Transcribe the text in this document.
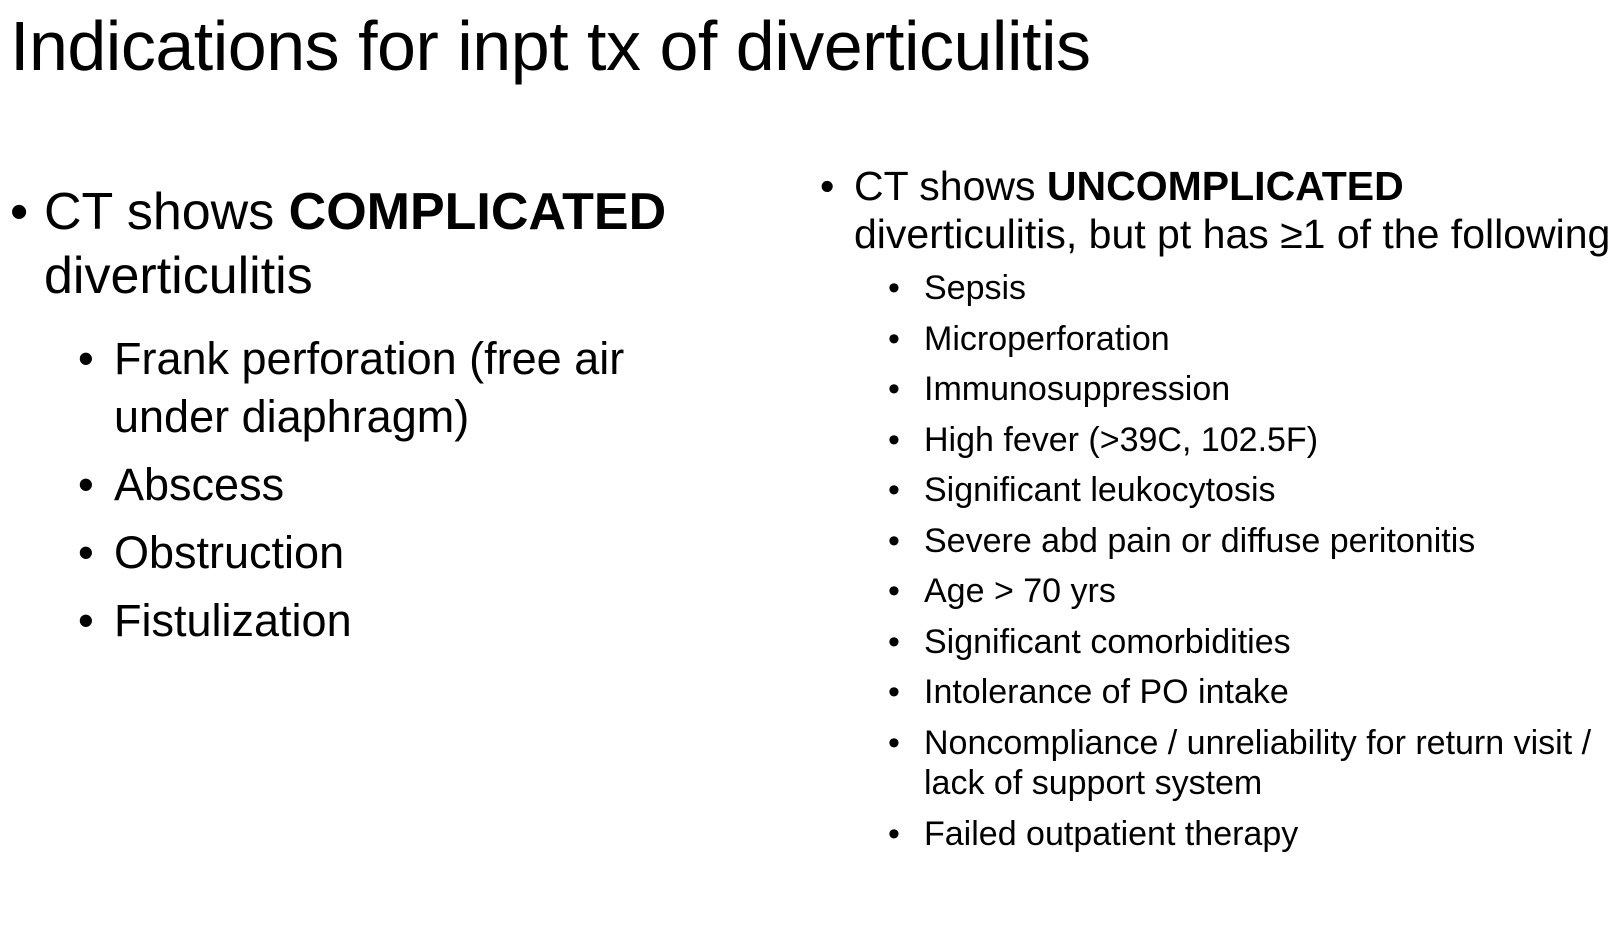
Indications for inpt tx of diverticulitis
• CT shows COMPLICATED diverticulitis
• Frank perforation (free air under diaphragm)
• Abscess
• Obstruction
• Fistulization
• CT shows UNCOMPLICATED diverticulitis, but pt has ≥1 of the following
• Sepsis
• Microperforation
• Immunosuppression
• High fever (>39C, 102.5F)
• Significant leukocytosis
• Severe abd pain or diffuse peritonitis
• Age > 70 yrs
• Significant comorbidities
• Intolerance of PO intake
• Noncompliance / unreliability for return visit / lack of support system
• Failed outpatient therapy
